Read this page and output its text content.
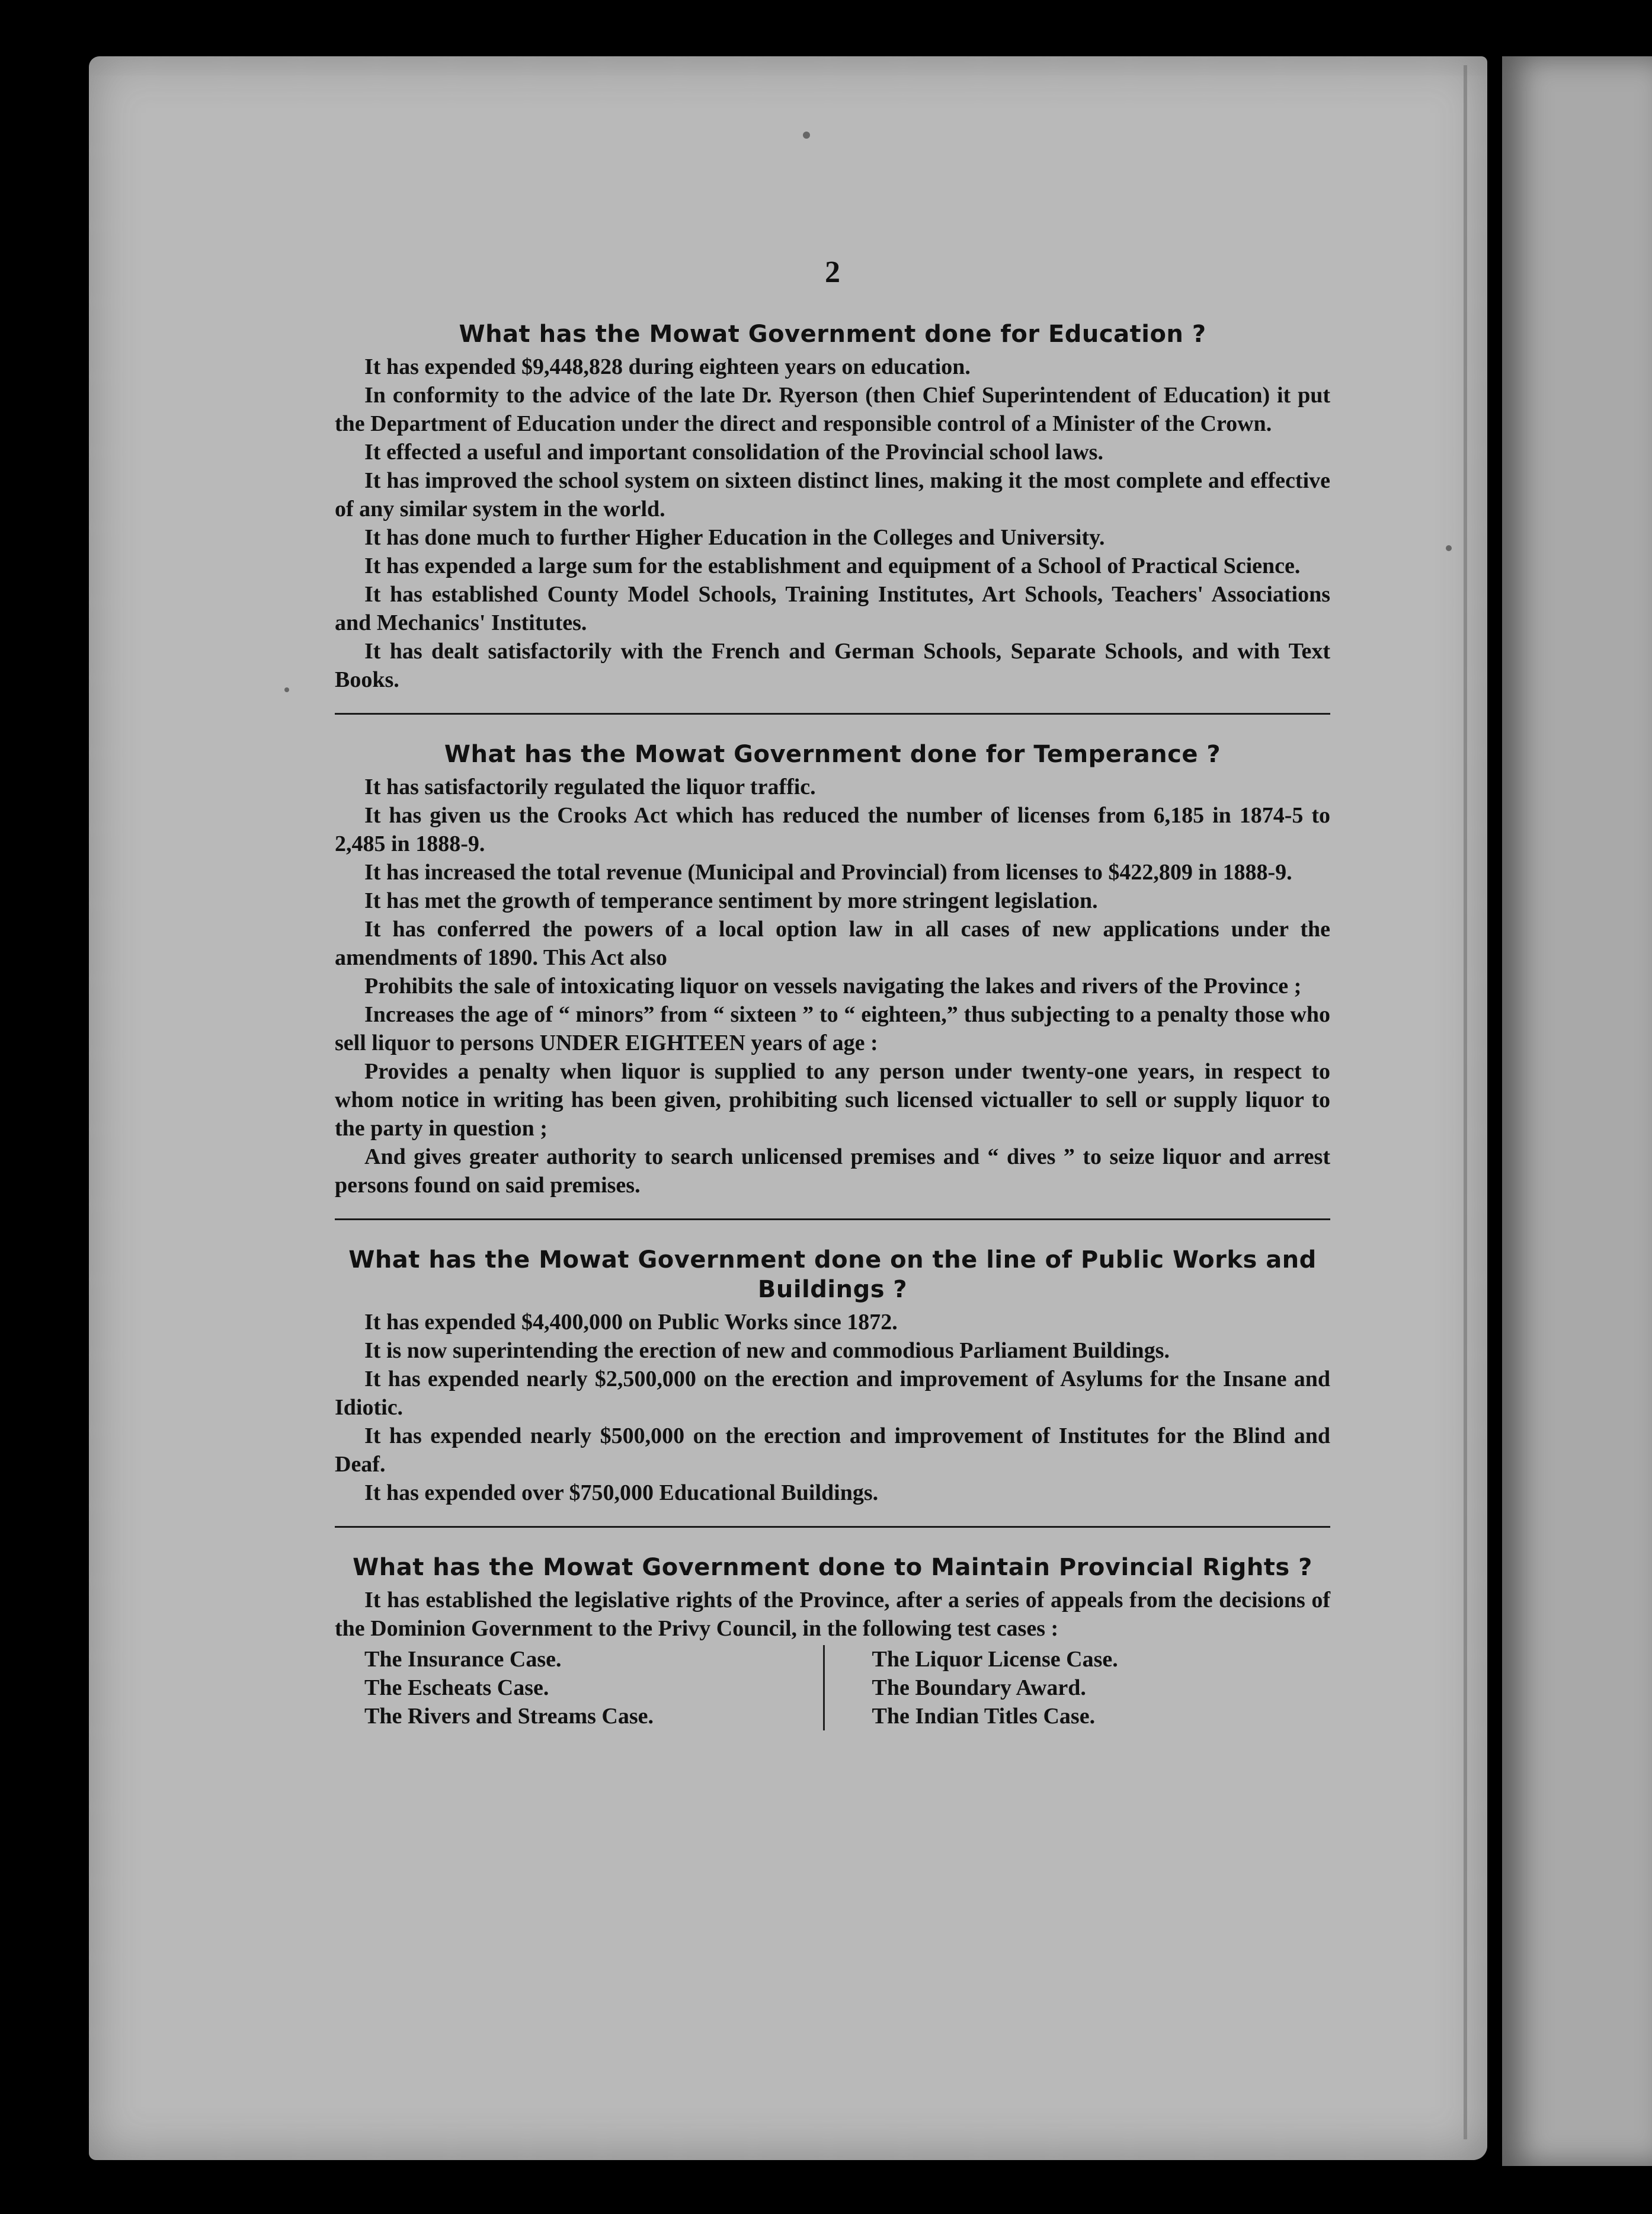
2
What has the Mowat Government done for Education ?

It has expended $9,448,828 during eighteen years on education.

In conformity to the advice of the late Dr. Ryerson (then Chief Superintendent of Education) it put the Department of Education under the direct and responsible control of a Minister of the Crown.

It effected a useful and important consolidation of the Provincial school laws.

It has improved the school system on sixteen distinct lines, making it the most complete and effective of any similar system in the world.

It has done much to further Higher Education in the Colleges and University.

It has expended a large sum for the establishment and equipment of a School of Practical Science.

It has established County Model Schools, Training Institutes, Art Schools, Teachers' Associations and Mechanics' Institutes.

It has dealt satisfactorily with the French and German Schools, Separate Schools, and with Text Books.

What has the Mowat Government done for Temperance ?

It has satisfactorily regulated the liquor traffic.

It has given us the Crooks Act which has reduced the number of licenses from 6,185 in 1874-5 to 2,485 in 1888-9.

It has increased the total revenue (Municipal and Provincial) from licenses to $422,809 in 1888-9.

It has met the growth of temperance sentiment by more stringent legislation.

It has conferred the powers of a local option law in all cases of new applications under the amendments of 1890. This Act also

Prohibits the sale of intoxicating liquor on vessels navigating the lakes and rivers of the Province ;

Increases the age of “ minors” from “ sixteen ” to “ eighteen,” thus subjecting to a penalty those who sell liquor to persons UNDER EIGHTEEN years of age :

Provides a penalty when liquor is supplied to any person under twenty-one years, in respect to whom notice in writing has been given, prohibiting such licensed victualler to sell or supply liquor to the party in question ;

And gives greater authority to search unlicensed premises and “ dives ” to seize liquor and arrest persons found on said premises.

What has the Mowat Government done on the line of Public Works and Buildings ?

It has expended $4,400,000 on Public Works since 1872.

It is now superintending the erection of new and commodious Parliament Buildings.

It has expended nearly $2,500,000 on the erection and improvement of Asylums for the Insane and Idiotic.

It has expended nearly $500,000 on the erection and improvement of Institutes for the Blind and Deaf.

It has expended over $750,000 Educational Buildings.

What has the Mowat Government done to Maintain Provincial Rights ?

It has established the legislative rights of the Province, after a series of appeals from the decisions of the Dominion Government to the Privy Council, in the following test cases :

The Insurance Case.
The Escheats Case.
The Rivers and Streams Case.
The Liquor License Case.
The Boundary Award.
The Indian Titles Case.
